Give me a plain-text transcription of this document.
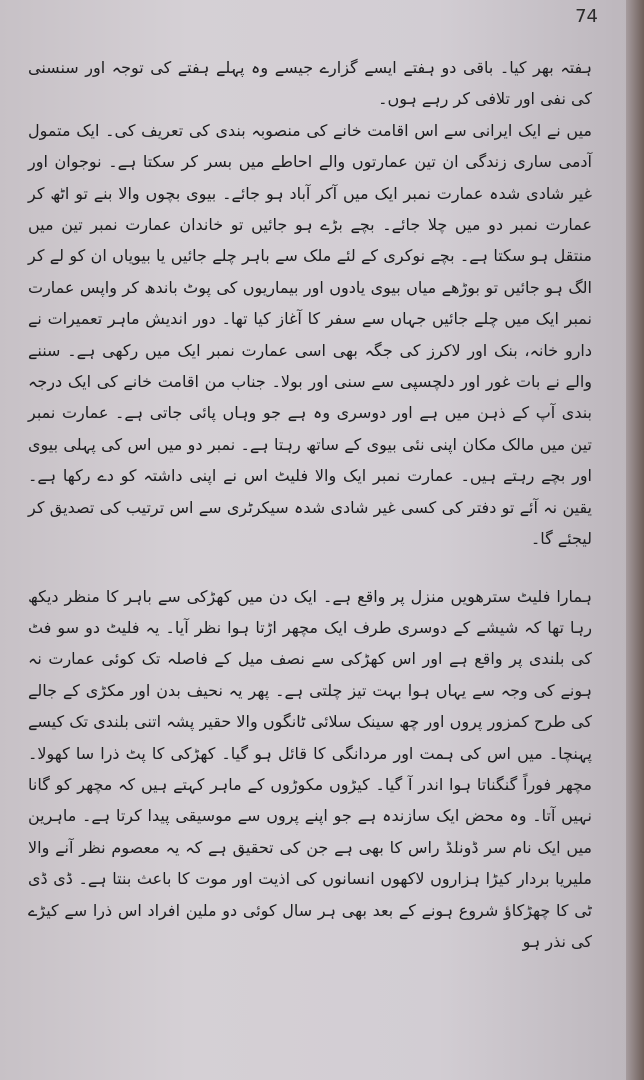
74

ہفتہ بھر کیا۔ باقی دو ہفتے ایسے گزارے جیسے وہ پہلے ہفتے کی توجہ اور سنسنی کی نفی اور تلافی کر رہے ہوں۔

میں نے ایک ایرانی سے اس اقامت خانے کی منصوبہ بندی کی تعریف کی۔ ایک متمول آدمی ساری زندگی ان تین عمارتوں والے احاطے میں بسر کر سکتا ہے۔ نوجوان اور غیر شادی شدہ عمارت نمبر ایک میں آکر آباد ہو جائے۔ بیوی بچوں والا بنے تو اٹھ کر عمارت نمبر دو میں چلا جائے۔ بچے بڑے ہو جائیں تو خاندان عمارت نمبر تین میں منتقل ہو سکتا ہے۔ بچے نوکری کے لئے ملک سے باہر چلے جائیں یا بیویاں ان کو لے کر الگ ہو جائیں تو بوڑھے میاں بیوی یادوں اور بیماریوں کی پوٹ باندھ کر واپس عمارت نمبر ایک میں چلے جائیں جہاں سے سفر کا آغاز کیا تھا۔ دور اندیش ماہر تعمیرات نے دارو خانہ، بنک اور لاکرز کی جگہ بھی اسی عمارت نمبر ایک میں رکھی ہے۔ سننے والے نے بات غور اور دلچسپی سے سنی اور بولا۔ جناب من اقامت خانے کی ایک درجہ بندی آپ کے ذہن میں ہے اور دوسری وہ ہے جو وہاں پائی جاتی ہے۔ عمارت نمبر تین میں مالک مکان اپنی نئی بیوی کے ساتھ رہتا ہے۔ نمبر دو میں اس کی پہلی بیوی اور بچے رہتے ہیں۔ عمارت نمبر ایک والا فلیٹ اس نے اپنی داشتہ کو دے رکھا ہے۔ یقین نہ آئے تو دفتر کی کسی غیر شادی شدہ سیکرٹری سے اس ترتیب کی تصدیق کر لیجئے گا۔

ہمارا فلیٹ سترھویں منزل پر واقع ہے۔ ایک دن میں کھڑکی سے باہر کا منظر دیکھ رہا تھا کہ شیشے کے دوسری طرف ایک مچھر اڑتا ہوا نظر آیا۔ یہ فلیٹ دو سو فٹ کی بلندی پر واقع ہے اور اس کھڑکی سے نصف میل کے فاصلہ تک کوئی عمارت نہ ہونے کی وجہ سے یہاں ہوا بہت تیز چلتی ہے۔ پھر یہ نحیف بدن اور مکڑی کے جالے کی طرح کمزور پروں اور چھ سینک سلائی ٹانگوں والا حقیر پشہ اتنی بلندی تک کیسے پہنچا۔ میں اس کی ہمت اور مردانگی کا قائل ہو گیا۔ کھڑکی کا پٹ ذرا سا کھولا۔ مچھر فوراً گنگناتا ہوا اندر آ گیا۔ کیڑوں مکوڑوں کے ماہر کہتے ہیں کہ مچھر کو گانا نہیں آتا۔ وہ محض ایک سازندہ ہے جو اپنے پروں سے موسیقی پیدا کرتا ہے۔ ماہرین میں ایک نام سر ڈونلڈ راس کا بھی ہے جن کی تحقیق ہے کہ یہ معصوم نظر آنے والا ملیریا بردار کیڑا ہزاروں لاکھوں انسانوں کی اذیت اور موت کا باعث بنتا ہے۔ ڈی ڈی ٹی کا چھڑکاؤ شروع ہونے کے بعد بھی ہر سال کوئی دو ملین افراد اس ذرا سے کیڑے کی نذر ہو
